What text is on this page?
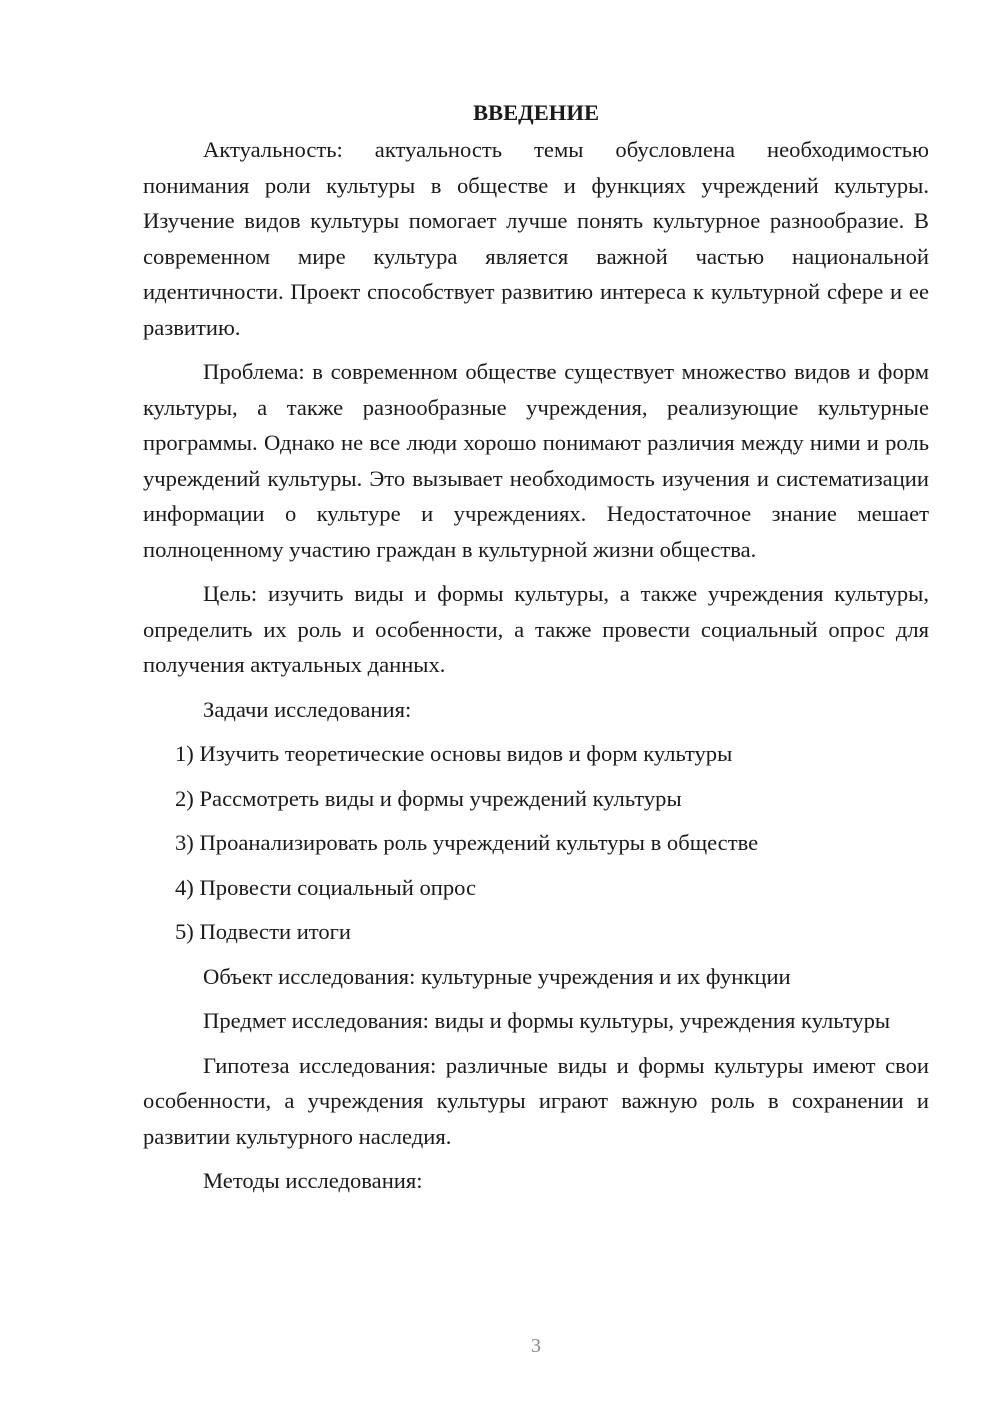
ВВЕДЕНИЕ

Актуальность: актуальность темы обусловлена необходимостью понимания роли культуры в обществе и функциях учреждений культуры. Изучение видов культуры помогает лучше понять культурное разнообразие. В современном мире культура является важной частью национальной идентичности. Проект способствует развитию интереса к культурной сфере и ее развитию.

Проблема: в современном обществе существует множество видов и форм культуры, а также разнообразные учреждения, реализующие культурные программы. Однако не все люди хорошо понимают различия между ними и роль учреждений культуры. Это вызывает необходимость изучения и систематизации информации о культуре и учреждениях. Недостаточное знание мешает полноценному участию граждан в культурной жизни общества.

Цель: изучить виды и формы культуры, а также учреждения культуры, определить их роль и особенности, а также провести социальный опрос для получения актуальных данных.

Задачи исследования:

1) Изучить теоретические основы видов и форм культуры
2) Рассмотреть виды и формы учреждений культуры
3) Проанализировать роль учреждений культуры в обществе
4) Провести социальный опрос
5) Подвести итоги

Объект исследования: культурные учреждения и их функции

Предмет исследования: виды и формы культуры, учреждения культуры

Гипотеза исследования: различные виды и формы культуры имеют свои особенности, а учреждения культуры играют важную роль в сохранении и развитии культурного наследия.

Методы исследования:

3
